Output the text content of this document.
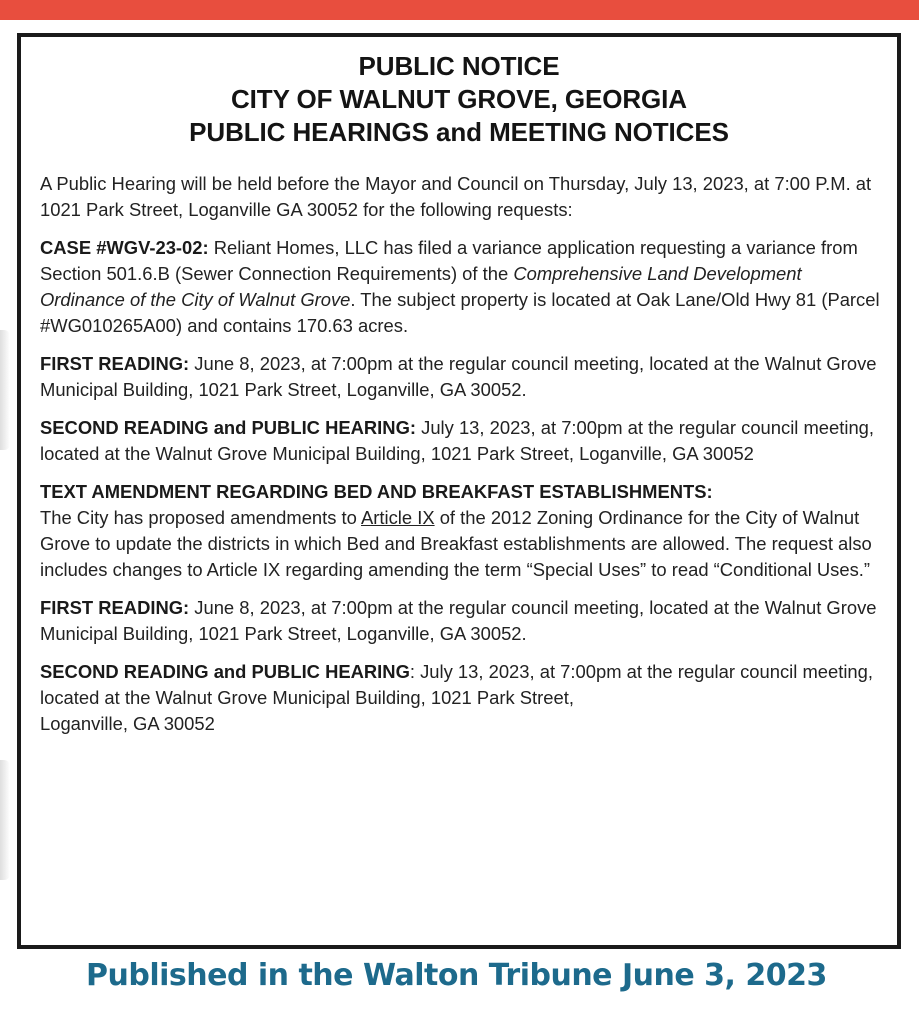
PUBLIC NOTICE
CITY OF WALNUT GROVE, GEORGIA
PUBLIC HEARINGS and MEETING NOTICES

A Public Hearing will be held before the Mayor and Council on Thursday, July 13, 2023, at 7:00 P.M. at 1021 Park Street, Loganville GA 30052 for the following requests:

CASE #WGV-23-02: Reliant Homes, LLC has filed a variance application requesting a variance from Section 501.6.B (Sewer Connection Requirements) of the Comprehensive Land Development Ordinance of the City of Walnut Grove. The subject property is located at Oak Lane/Old Hwy 81 (Parcel #WG010265A00) and contains 170.63 acres.

FIRST READING: June 8, 2023, at 7:00pm at the regular council meeting, located at the Walnut Grove Municipal Building, 1021 Park Street, Loganville, GA 30052.

SECOND READING and PUBLIC HEARING: July 13, 2023, at 7:00pm at the regular council meeting, located at the Walnut Grove Municipal Building, 1021 Park Street, Loganville, GA 30052

TEXT AMENDMENT REGARDING BED AND BREAKFAST ESTABLISHMENTS:
The City has proposed amendments to Article IX of the 2012 Zoning Ordinance for the City of Walnut Grove to update the districts in which Bed and Breakfast establishments are allowed. The request also includes changes to Article IX regarding amending the term “Special Uses” to read “Conditional Uses.”

FIRST READING: June 8, 2023, at 7:00pm at the regular council meeting, located at the Walnut Grove Municipal Building, 1021 Park Street, Loganville, GA 30052.

SECOND READING and PUBLIC HEARING: July 13, 2023, at 7:00pm at the regular council meeting, located at the Walnut Grove Municipal Building, 1021 Park Street,
Loganville, GA 30052

Published in the Walton Tribune June 3, 2023
